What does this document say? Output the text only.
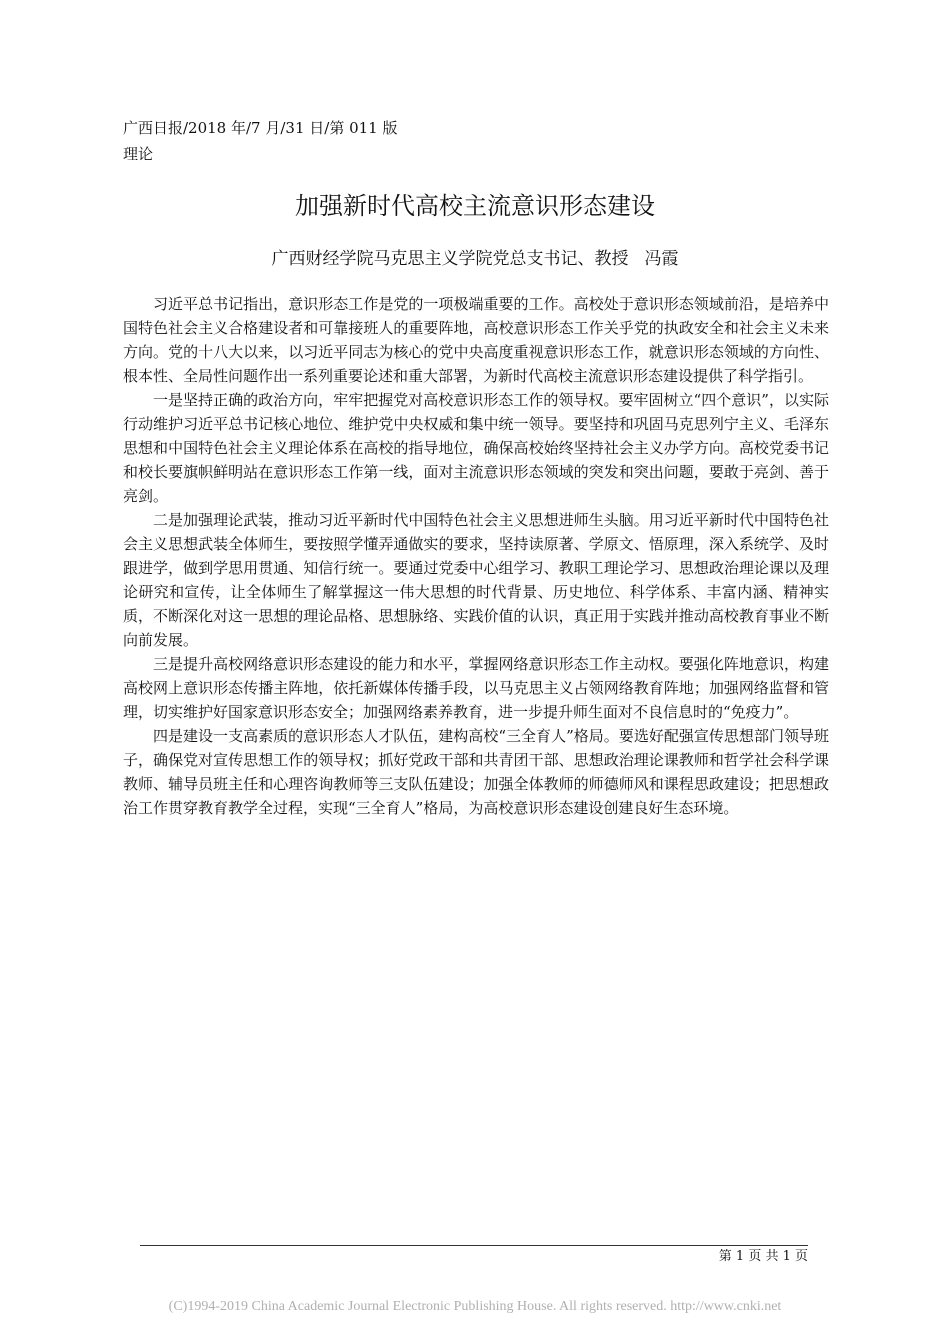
广西日报/2018 年/7 月/31 日/第 011 版
理论
加强新时代高校主流意识形态建设
广西财经学院马克思主义学院党总支书记、教授 冯霞

习近平总书记指出，意识形态工作是党的一项极端重要的工作。高校处于意识形态领域前沿，是培养中国特色社会主义合格建设者和可靠接班人的重要阵地，高校意识形态工作关乎党的执政安全和社会主义未来方向。党的十八大以来，以习近平同志为核心的党中央高度重视意识形态工作，就意识形态领域的方向性、根本性、全局性问题作出一系列重要论述和重大部署，为新时代高校主流意识形态建设提供了科学指引。

一是坚持正确的政治方向，牢牢把握党对高校意识形态工作的领导权。要牢固树立“四个意识”，以实际行动维护习近平总书记核心地位、维护党中央权威和集中统一领导。要坚持和巩固马克思列宁主义、毛泽东思想和中国特色社会主义理论体系在高校的指导地位，确保高校始终坚持社会主义办学方向。高校党委书记和校长要旗帜鲜明站在意识形态工作第一线，面对主流意识形态领域的突发和突出问题，要敢于亮剑、善于亮剑。

二是加强理论武装，推动习近平新时代中国特色社会主义思想进师生头脑。用习近平新时代中国特色社会主义思想武装全体师生，要按照学懂弄通做实的要求，坚持读原著、学原文、悟原理，深入系统学、及时跟进学，做到学思用贯通、知信行统一。要通过党委中心组学习、教职工理论学习、思想政治理论课以及理论研究和宣传，让全体师生了解掌握这一伟大思想的时代背景、历史地位、科学体系、丰富内涵、精神实质，不断深化对这一思想的理论品格、思想脉络、实践价值的认识，真正用于实践并推动高校教育事业不断向前发展。

三是提升高校网络意识形态建设的能力和水平，掌握网络意识形态工作主动权。要强化阵地意识，构建高校网上意识形态传播主阵地，依托新媒体传播手段，以马克思主义占领网络教育阵地；加强网络监督和管理，切实维护好国家意识形态安全；加强网络素养教育，进一步提升师生面对不良信息时的“免疫力”。

四是建设一支高素质的意识形态人才队伍，建构高校“三全育人”格局。要选好配强宣传思想部门领导班子，确保党对宣传思想工作的领导权；抓好党政干部和共青团干部、思想政治理论课教师和哲学社会科学课教师、辅导员班主任和心理咨询教师等三支队伍建设；加强全体教师的师德师风和课程思政建设；把思想政治工作贯穿教育教学全过程，实现“三全育人”格局，为高校意识形态建设创建良好生态环境。

第 1 页 共 1 页
(C)1994-2019 China Academic Journal Electronic Publishing House. All rights reserved. http://www.cnki.net
